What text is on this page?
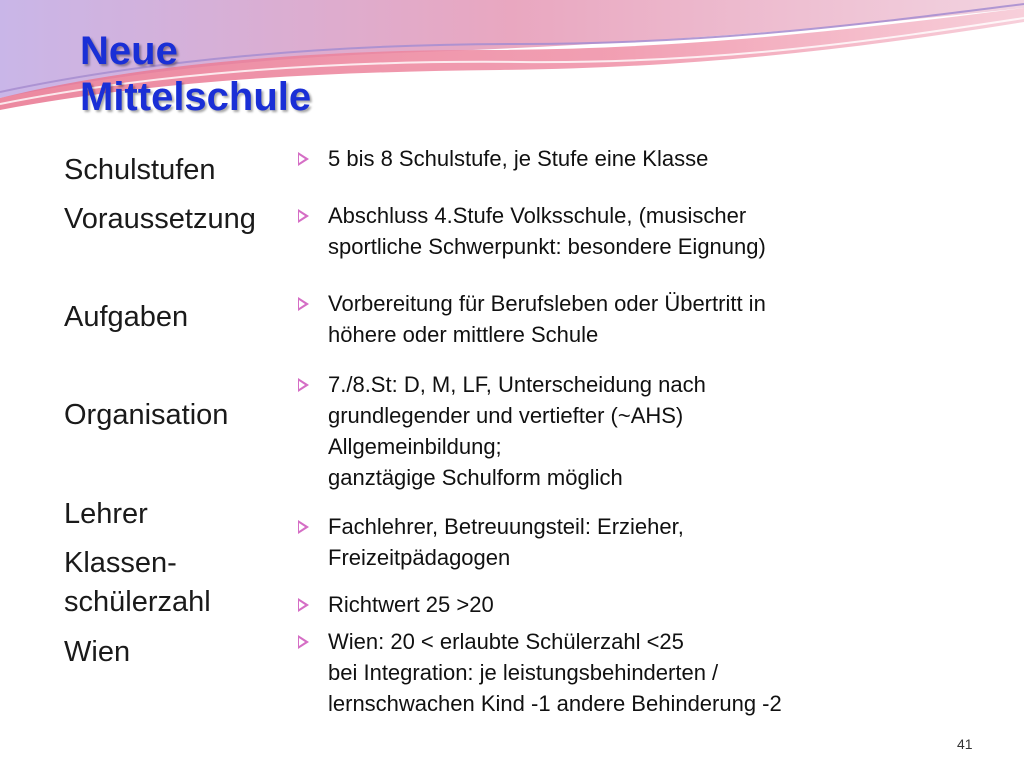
Neue
Mittelschule
Schulstufen
Voraussetzung
Aufgaben
Organisation
Lehrer
Klassen-
schülerzahl
Wien
5 bis 8 Schulstufe, je Stufe eine Klasse
Abschluss 4.Stufe Volksschule, (musischer
sportliche Schwerpunkt: besondere Eignung)
Vorbereitung für Berufsleben oder Übertritt in
höhere oder mittlere Schule
7./8.St: D, M, LF, Unterscheidung nach
grundlegender und vertiefter (~AHS)
Allgemeinbildung;
ganztägige Schulform möglich
Fachlehrer, Betreuungsteil: Erzieher,
Freizeitpädagogen
Richtwert 25 >20
Wien: 20 < erlaubte Schülerzahl <25
bei Integration: je leistungsbehinderten /
lernschwachen Kind -1 andere Behinderung -2
41
